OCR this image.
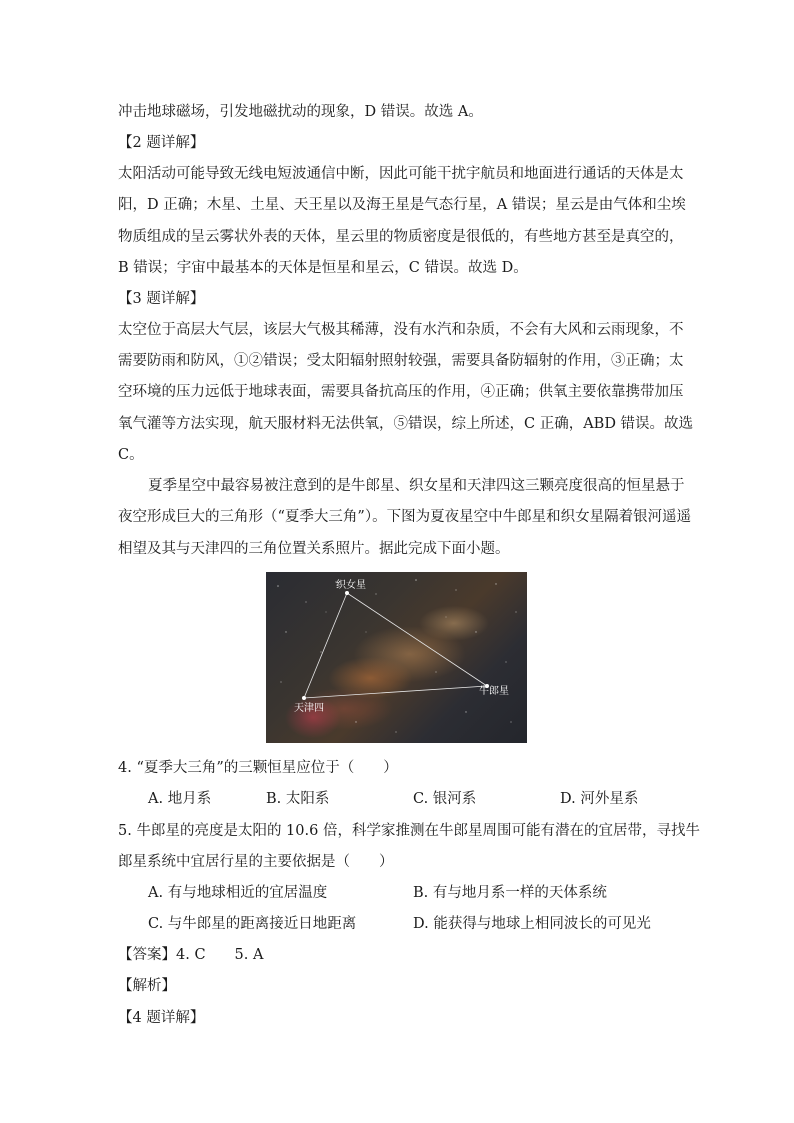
冲击地球磁场，引发地磁扰动的现象，D 错误。故选 A。
【2 题详解】
太阳活动可能导致无线电短波通信中断，因此可能干扰宇航员和地面进行通话的天体是太
阳，D 正确；木星、土星、天王星以及海王星是气态行星，A 错误；星云是由气体和尘埃
物质组成的呈云雾状外表的天体，星云里的物质密度是很低的，有些地方甚至是真空的，
B 错误；宇宙中最基本的天体是恒星和星云，C 错误。故选 D。
【3 题详解】
太空位于高层大气层，该层大气极其稀薄，没有水汽和杂质，不会有大风和云雨现象，不
需要防雨和防风，①②错误；受太阳辐射照射较强，需要具备防辐射的作用，③正确；太
空环境的压力远低于地球表面，需要具备抗高压的作用，④正确；供氧主要依靠携带加压
氧气灌等方法实现，航天服材料无法供氧，⑤错误，综上所述，C 正确，ABD 错误。故选
C。
夏季星空中最容易被注意到的是牛郎星、织女星和天津四这三颗亮度很高的恒星悬于
夜空形成巨大的三角形（“夏季大三角”）。下图为夏夜星空中牛郎星和织女星隔着银河遥遥
相望及其与天津四的三角位置关系照片。据此完成下面小题。
织女星
牛郎星
天津四
4. “夏季大三角”的三颗恒星应位于（　　）
A. 地月系	B. 太阳系	C. 银河系	D. 河外星系
5. 牛郎星的亮度是太阳的 10.6 倍，科学家推测在牛郎星周围可能有潜在的宜居带，寻找牛
郎星系统中宜居行星的主要依据是（　　）
A. 有与地球相近的宜居温度	B. 有与地月系一样的天体系统
C. 与牛郎星的距离接近日地距离	D. 能获得与地球上相同波长的可见光
【答案】4. C　　5. A
【解析】
【4 题详解】
